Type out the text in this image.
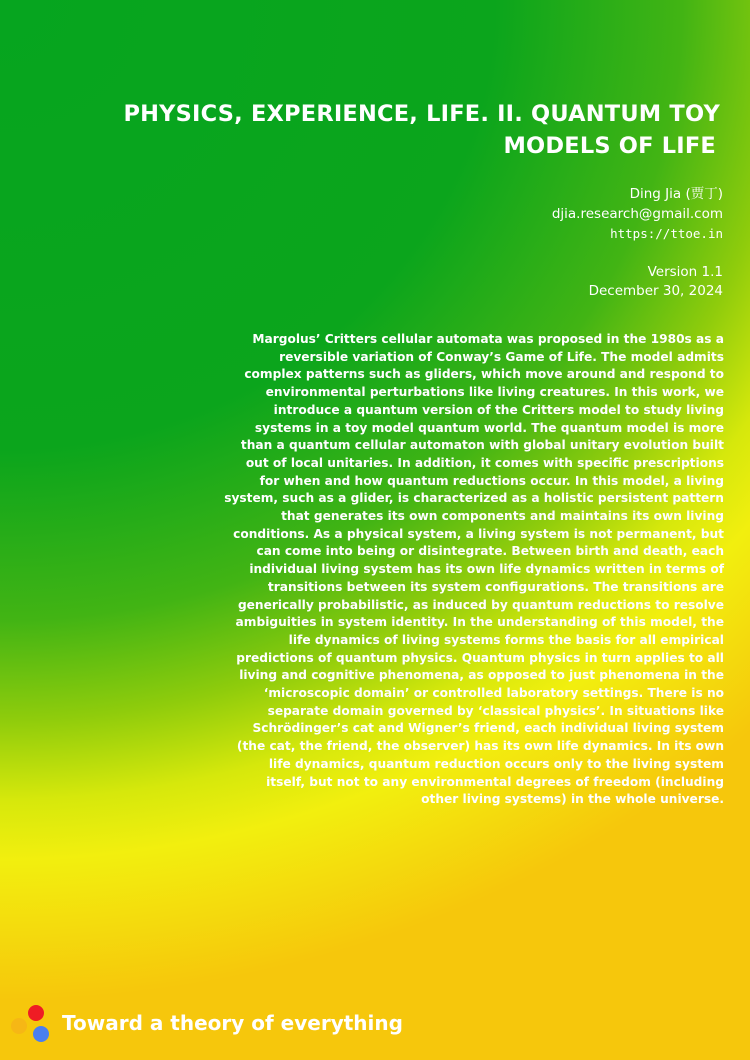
PHYSICS, EXPERIENCE, LIFE. II. QUANTUM TOY
MODELS OF LIFE
Ding Jia (贾丁)
djia.research@gmail.com
https://ttoe.in
Version 1.1
December 30, 2024

Margolus’ Critters cellular automata was proposed in the 1980s as a
reversible variation of Conway’s Game of Life. The model admits
complex patterns such as gliders, which move around and respond to
environmental perturbations like living creatures. In this work, we
introduce a quantum version of the Critters model to study living
systems in a toy model quantum world. The quantum model is more
than a quantum cellular automaton with global unitary evolution built
out of local unitaries. In addition, it comes with specific prescriptions
for when and how quantum reductions occur. In this model, a living
system, such as a glider, is characterized as a holistic persistent pattern
that generates its own components and maintains its own living
conditions. As a physical system, a living system is not permanent, but
can come into being or disintegrate. Between birth and death, each
individual living system has its own life dynamics written in terms of
transitions between its system configurations. The transitions are
generically probabilistic, as induced by quantum reductions to resolve
ambiguities in system identity. In the understanding of this model, the
life dynamics of living systems forms the basis for all empirical
predictions of quantum physics. Quantum physics in turn applies to all
living and cognitive phenomena, as opposed to just phenomena in the
‘microscopic domain’ or controlled laboratory settings. There is no
separate domain governed by ‘classical physics’. In situations like
Schrödinger’s cat and Wigner’s friend, each individual living system
(the cat, the friend, the observer) has its own life dynamics. In its own
life dynamics, quantum reduction occurs only to the living system
itself, but not to any environmental degrees of freedom (including
other living systems) in the whole universe.

Toward a theory of everything
